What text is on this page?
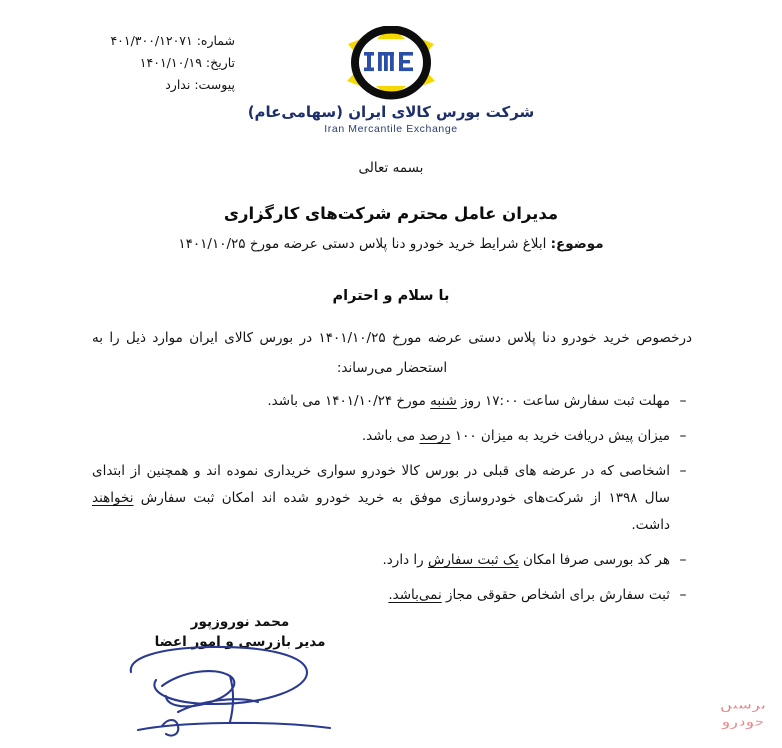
شماره: ۴۰۱/۳۰۰/۱۲۰۷۱
تاریخ: ۱۴۰۱/۱۰/۱۹
پیوست: ندارد
شرکت بورس کالای ایران (سهامی‌عام)
Iran Mercantile Exchange
بسمه تعالی
مدیران عامل محترم شرکت‌های کارگزاری
موضوع: ابلاغ شرایط خرید خودرو دنا پلاس دستی عرضه مورخ ۱۴۰۱/۱۰/۲۵
با سلام و احترام
درخصوص خرید خودرو دنا پلاس دستی عرضه مورخ ۱۴۰۱/۱۰/۲۵ در بورس کالای ایران موارد ذیل را به استحضار می‌رساند:
–
مهلت ثبت سفارش ساعت ۱۷:۰۰ روز شنبه مورخ ۱۴۰۱/۱۰/۲۴ می باشد.
–
میزان پیش دریافت خرید به میزان ۱۰۰ درصد می باشد.
–
اشخاصی که در عرضه های قبلی در بورس کالا خودرو سواری خریداری نموده اند و همچنین از ابتدای سال ۱۳۹۸ از شرکت‌های خودروسازی موفق به خرید خودرو شده اند امکان ثبت سفارش نخواهند داشت.
–
هر کد بورسی صرفا امکان یک ثبت سفارش را دارد.
–
ثبت سفارش برای اشخاص حقوقی مجاز نمی‌باشد.
محمد نوروزپور
مدیر بازرسی و امور اعضا
پرشین
خودرو
